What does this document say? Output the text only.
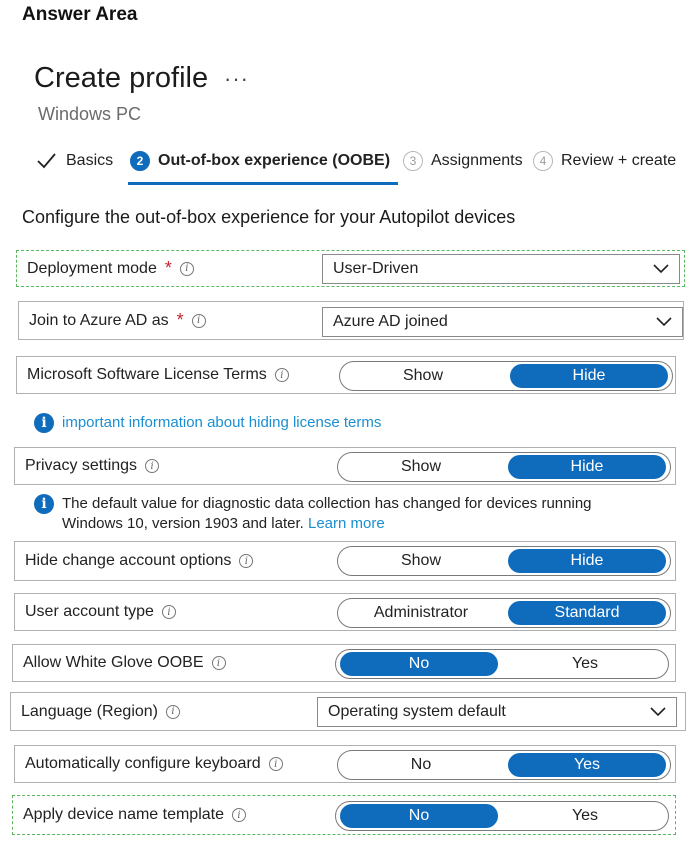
Answer Area
Create profile ···
Windows PC
Basics	2 Out-of-box experience (OOBE)	3 Assignments	4 Review + create
Configure the out-of-box experience for your Autopilot devices
Deployment mode *	i	User-Driven
Join to Azure AD as *	i	Azure AD joined
Microsoft Software License Terms	i	Show	Hide
i	important information about hiding license terms
Privacy settings	i	Show	Hide
i	The default value for diagnostic data collection has changed for devices running
Windows 10, version 1903 and later. Learn more
Hide change account options	i	Show	Hide
User account type	i	Administrator	Standard
Allow White Glove OOBE	i	No	Yes
Language (Region)	i	Operating system default
Automatically configure keyboard	i	No	Yes
Apply device name template	i	No	Yes
